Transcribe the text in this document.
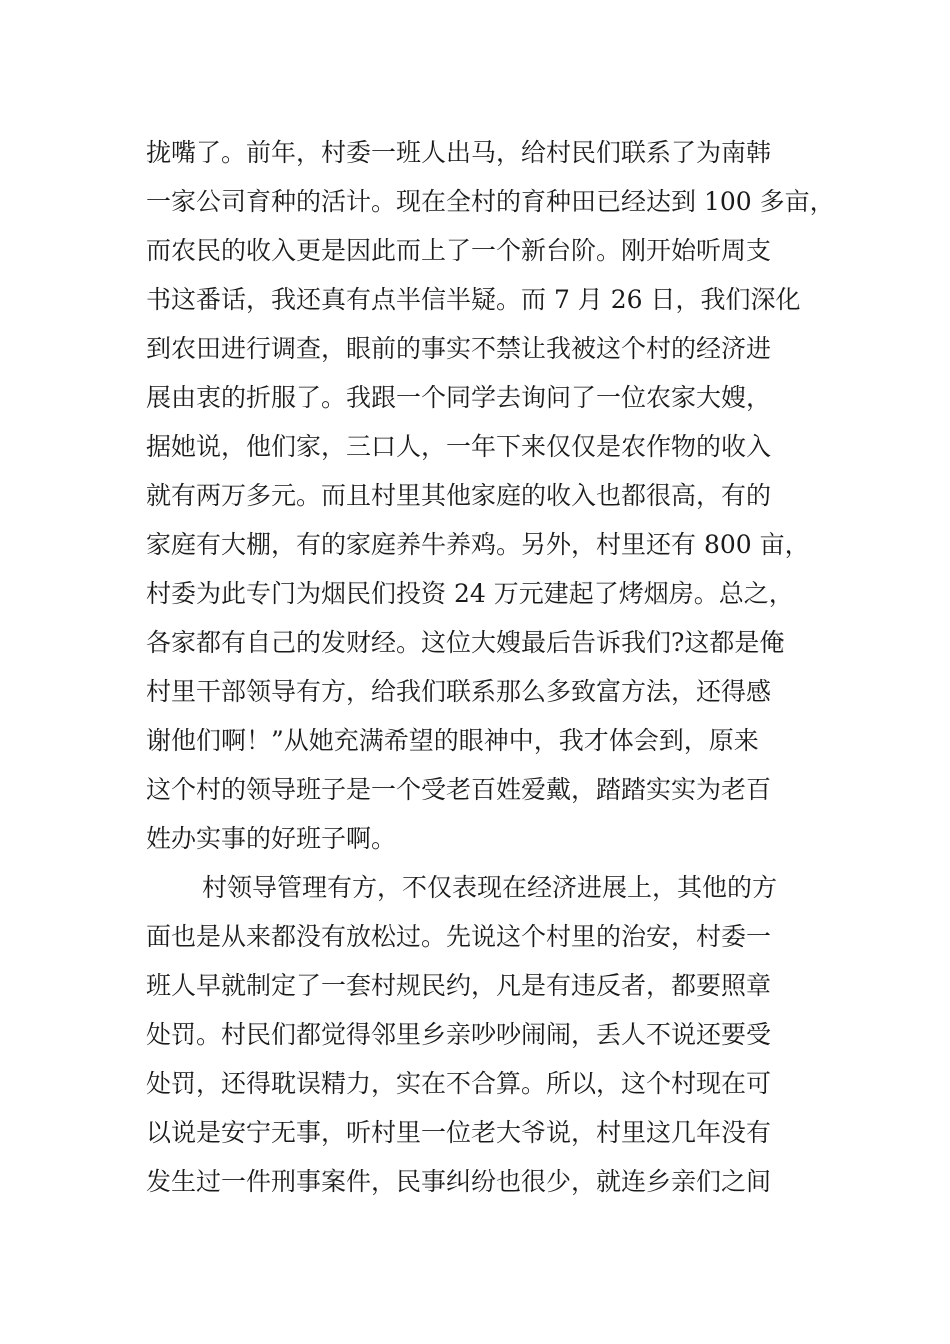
拢嘴了。前年，村委一班人出马，给村民们联系了为南韩
一家公司育种的活计。现在全村的育种田已经达到 100 多亩，
而农民的收入更是因此而上了一个新台阶。刚开始听周支
书这番话，我还真有点半信半疑。而 7 月 26 日，我们深化
到农田进行调查，眼前的事实不禁让我被这个村的经济进
展由衷的折服了。我跟一个同学去询问了一位农家大嫂，
据她说，他们家，三口人，一年下来仅仅是农作物的收入
就有两万多元。而且村里其他家庭的收入也都很高，有的
家庭有大棚，有的家庭养牛养鸡。另外，村里还有 800 亩，
村委为此专门为烟民们投资 24 万元建起了烤烟房。总之，
各家都有自己的发财经。这位大嫂最后告诉我们?这都是俺
村里干部领导有方，给我们联系那么多致富方法，还得感
谢他们啊！”从她充满希望的眼神中，我才体会到，原来
这个村的领导班子是一个受老百姓爱戴，踏踏实实为老百
姓办实事的好班子啊。
村领导管理有方，不仅表现在经济进展上，其他的方
面也是从来都没有放松过。先说这个村里的治安，村委一
班人早就制定了一套村规民约，凡是有违反者，都要照章
处罚。村民们都觉得邻里乡亲吵吵闹闹，丢人不说还要受
处罚，还得耽误精力，实在不合算。所以，这个村现在可
以说是安宁无事，听村里一位老大爷说，村里这几年没有
发生过一件刑事案件，民事纠纷也很少，就连乡亲们之间
